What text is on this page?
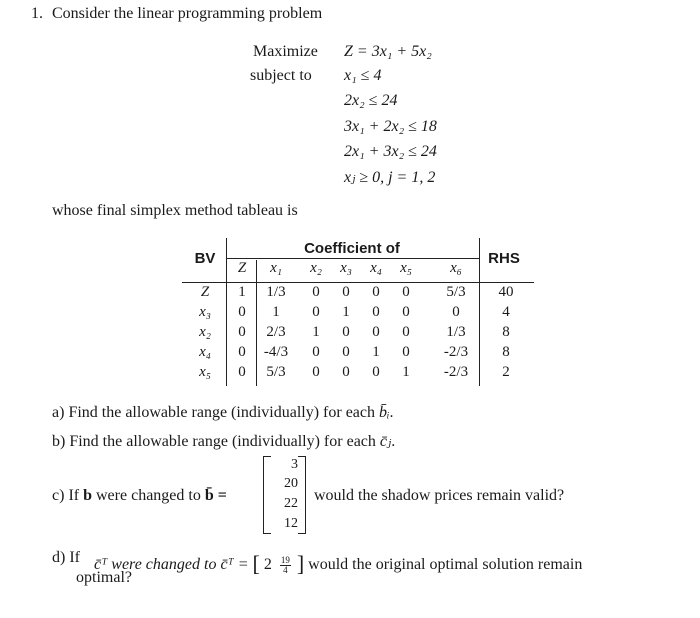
1. Consider the linear programming problem
Maximize Z = 3x₁ + 5x₂
subject to x₁ ≤ 4
2x₂ ≤ 24
3x₁ + 2x₂ ≤ 18
2x₁ + 3x₂ ≤ 24
xⱼ ≥ 0, j = 1, 2
whose final simplex method tableau is
BV
Coefficient of
RHS
Z	x₁	x₂ x₃ x₄ x₅	x₆
Z	1	1/3	0	0	0	0	5/3	40
x₃	0	1	0	1	0	0	0	4
x₂	0	2/3	1	0	0	0	1/3	8
x₄	0	-4/3	0	0	1	0	-2/3	8
x₅	0	5/3	0	0	0	1	-2/3	2
a) Find the allowable range (individually) for each b̄ᵢ.
b) Find the allowable range (individually) for each c̄ⱼ.
c) If b were changed to b̄ =
3
20
22
12
would the shadow prices remain valid?
d) If c̄ᵀ were changed to c̄ᵀ = [ $2 \frac{19}{4}$ ] would the original optimal solution remain
optimal?
